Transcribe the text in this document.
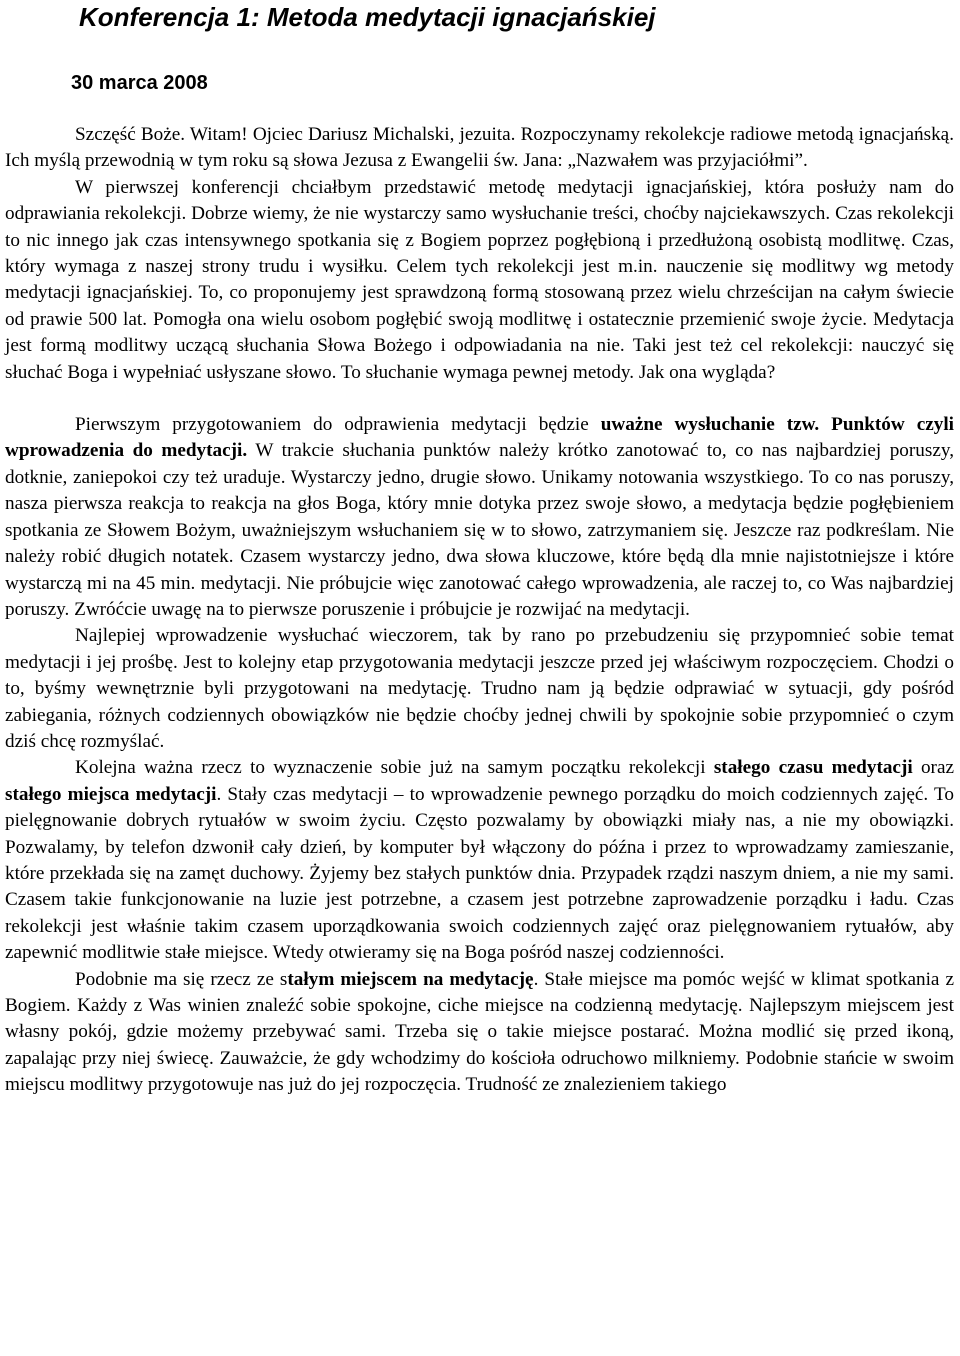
Konferencja 1: Metoda medytacji ignacjańskiej
30 marca 2008

Szczęść Boże. Witam! Ojciec Dariusz Michalski, jezuita. Rozpoczynamy rekolekcje radiowe metodą ignacjańską. Ich myślą przewodnią w tym roku są słowa Jezusa z Ewangelii św. Jana: „Nazwałem was przyjaciółmi”.

W pierwszej konferencji chciałbym przedstawić metodę medytacji ignacjańskiej, która posłuży nam do odprawiania rekolekcji. Dobrze wiemy, że nie wystarczy samo wysłuchanie treści, choćby najciekawszych. Czas rekolekcji to nic innego jak czas intensywnego spotkania się z Bogiem poprzez pogłębioną i przedłużoną osobistą modlitwę. Czas, który wymaga z naszej strony trudu i wysiłku. Celem tych rekolekcji jest m.in. nauczenie się modlitwy wg metody medytacji ignacjańskiej. To, co proponujemy jest sprawdzoną formą stosowaną przez wielu chrześcijan na całym świecie od prawie 500 lat. Pomogła ona wielu osobom pogłębić swoją modlitwę i ostatecznie przemienić swoje życie. Medytacja jest formą modlitwy uczącą słuchania Słowa Bożego i odpowiadania na nie. Taki jest też cel rekolekcji: nauczyć się słuchać Boga i wypełniać usłyszane słowo. To słuchanie wymaga pewnej metody. Jak ona wygląda?

Pierwszym przygotowaniem do odprawienia medytacji będzie uważne wysłuchanie tzw. Punktów czyli wprowadzenia do medytacji. W trakcie słuchania punktów należy krótko zanotować to, co nas najbardziej poruszy, dotknie, zaniepokoi czy też uraduje. Wystarczy jedno, drugie słowo. Unikamy notowania wszystkiego. To co nas poruszy, nasza pierwsza reakcja to reakcja na głos Boga, który mnie dotyka przez swoje słowo, a medytacja będzie pogłębieniem spotkania ze Słowem Bożym, uważniejszym wsłuchaniem się w to słowo, zatrzymaniem się. Jeszcze raz podkreślam. Nie należy robić długich notatek. Czasem wystarczy jedno, dwa słowa kluczowe, które będą dla mnie najistotniejsze i które wystarczą mi na 45 min. medytacji. Nie próbujcie więc zanotować całego wprowadzenia, ale raczej to, co Was najbardziej poruszy. Zwróćcie uwagę na to pierwsze poruszenie i próbujcie je rozwijać na medytacji.

Najlepiej wprowadzenie wysłuchać wieczorem, tak by rano po przebudzeniu się przypomnieć sobie temat medytacji i jej prośbę. Jest to kolejny etap przygotowania medytacji jeszcze przed jej właściwym rozpoczęciem. Chodzi o to, byśmy wewnętrznie byli przygotowani na medytację. Trudno nam ją będzie odprawiać w sytuacji, gdy pośród zabiegania, różnych codziennych obowiązków nie będzie choćby jednej chwili by spokojnie sobie przypomnieć o czym dziś chcę rozmyślać.

Kolejna ważna rzecz to wyznaczenie sobie już na samym początku rekolekcji stałego czasu medytacji oraz stałego miejsca medytacji. Stały czas medytacji – to wprowadzenie pewnego porządku do moich codziennych zajęć. To pielęgnowanie dobrych rytuałów w swoim życiu. Często pozwalamy by obowiązki miały nas, a nie my obowiązki. Pozwalamy, by telefon dzwonił cały dzień, by komputer był włączony do późna i przez to wprowadzamy zamieszanie, które przekłada się na zamęt duchowy. Żyjemy bez stałych punktów dnia. Przypadek rządzi naszym dniem, a nie my sami. Czasem takie funkcjonowanie na luzie jest potrzebne, a czasem jest potrzebne zaprowadzenie porządku i ładu. Czas rekolekcji jest właśnie takim czasem uporządkowania swoich codziennych zajęć oraz pielęgnowaniem rytuałów, aby zapewnić modlitwie stałe miejsce. Wtedy otwieramy się na Boga pośród naszej codzienności.

Podobnie ma się rzecz ze stałym miejscem na medytację. Stałe miejsce ma pomóc wejść w klimat spotkania z Bogiem. Każdy z Was winien znaleźć sobie spokojne, ciche miejsce na codzienną medytację. Najlepszym miejscem jest własny pokój, gdzie możemy przebywać sami. Trzeba się o takie miejsce postarać. Można modlić się przed ikoną, zapalając przy niej świecę. Zauważcie, że gdy wchodzimy do kościoła odruchowo milkniemy. Podobnie stańcie w swoim miejscu modlitwy przygotowuje nas już do jej rozpoczęcia. Trudność ze znalezieniem takiego
